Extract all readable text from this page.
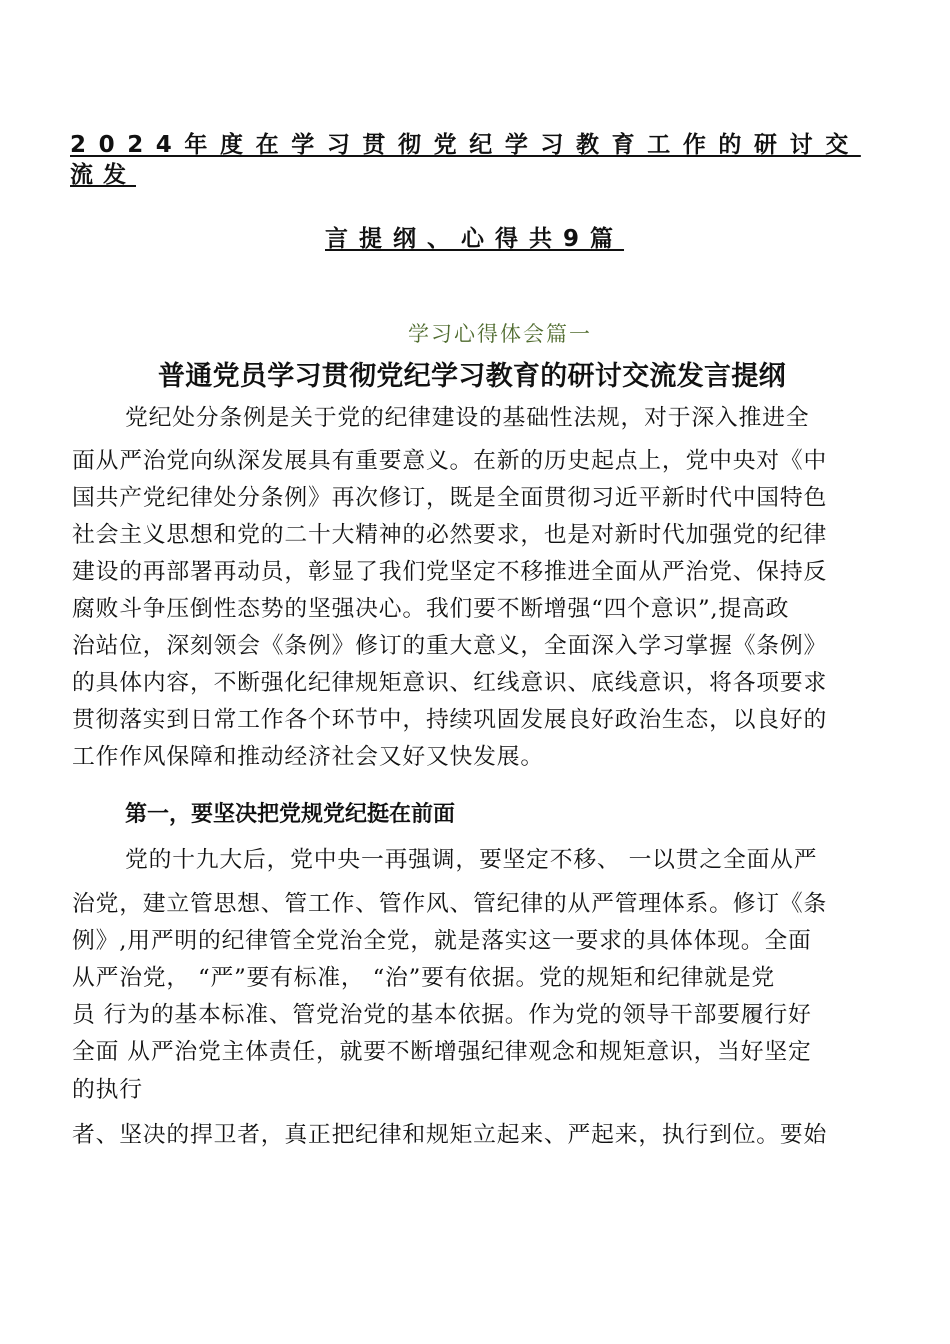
2024年度在学习贯彻党纪学习教育工作的研讨交
流发
言提纲、心得共9篇
学习心得体会篇一
普通党员学习贯彻党纪学习教育的研讨交流发言提纲
党纪处分条例是关于党的纪律建设的基础性法规，对于深入推进全
面从严治党向纵深发展具有重要意义。在新的历史起点上，党中央对《中
国共产党纪律处分条例》再次修订，既是全面贯彻习近平新时代中国特色
社会主义思想和党的二十大精神的必然要求，也是对新时代加强党的纪律
建设的再部署再动员，彰显了我们党坚定不移推进全面从严治党、保持反
腐败斗争压倒性态势的坚强决心。我们要不断增强“四个意识”,提高政
治站位，深刻领会《条例》修订的重大意义，全面深入学习掌握《条例》
的具体内容，不断强化纪律规矩意识、红线意识、底线意识，将各项要求
贯彻落实到日常工作各个环节中，持续巩固发展良好政治生态，以良好的
工作作风保障和推动经济社会又好又快发展。
第一，要坚决把党规党纪挺在前面
党的十九大后，党中央一再强调，要坚定不移、 一以贯之全面从严
治党，建立管思想、管工作、管作风、管纪律的从严管理体系。修订《条
例》,用严明的纪律管全党治全党，就是落实这一要求的具体体现。全面
从严治党， “严”要有标准， “治”要有依据。党的规矩和纪律就是党
员 行为的基本标准、管党治党的基本依据。作为党的领导干部要履行好
全面 从严治党主体责任，就要不断增强纪律观念和规矩意识，当好坚定
的执行
者、坚决的捍卫者，真正把纪律和规矩立起来、严起来，执行到位。要始
